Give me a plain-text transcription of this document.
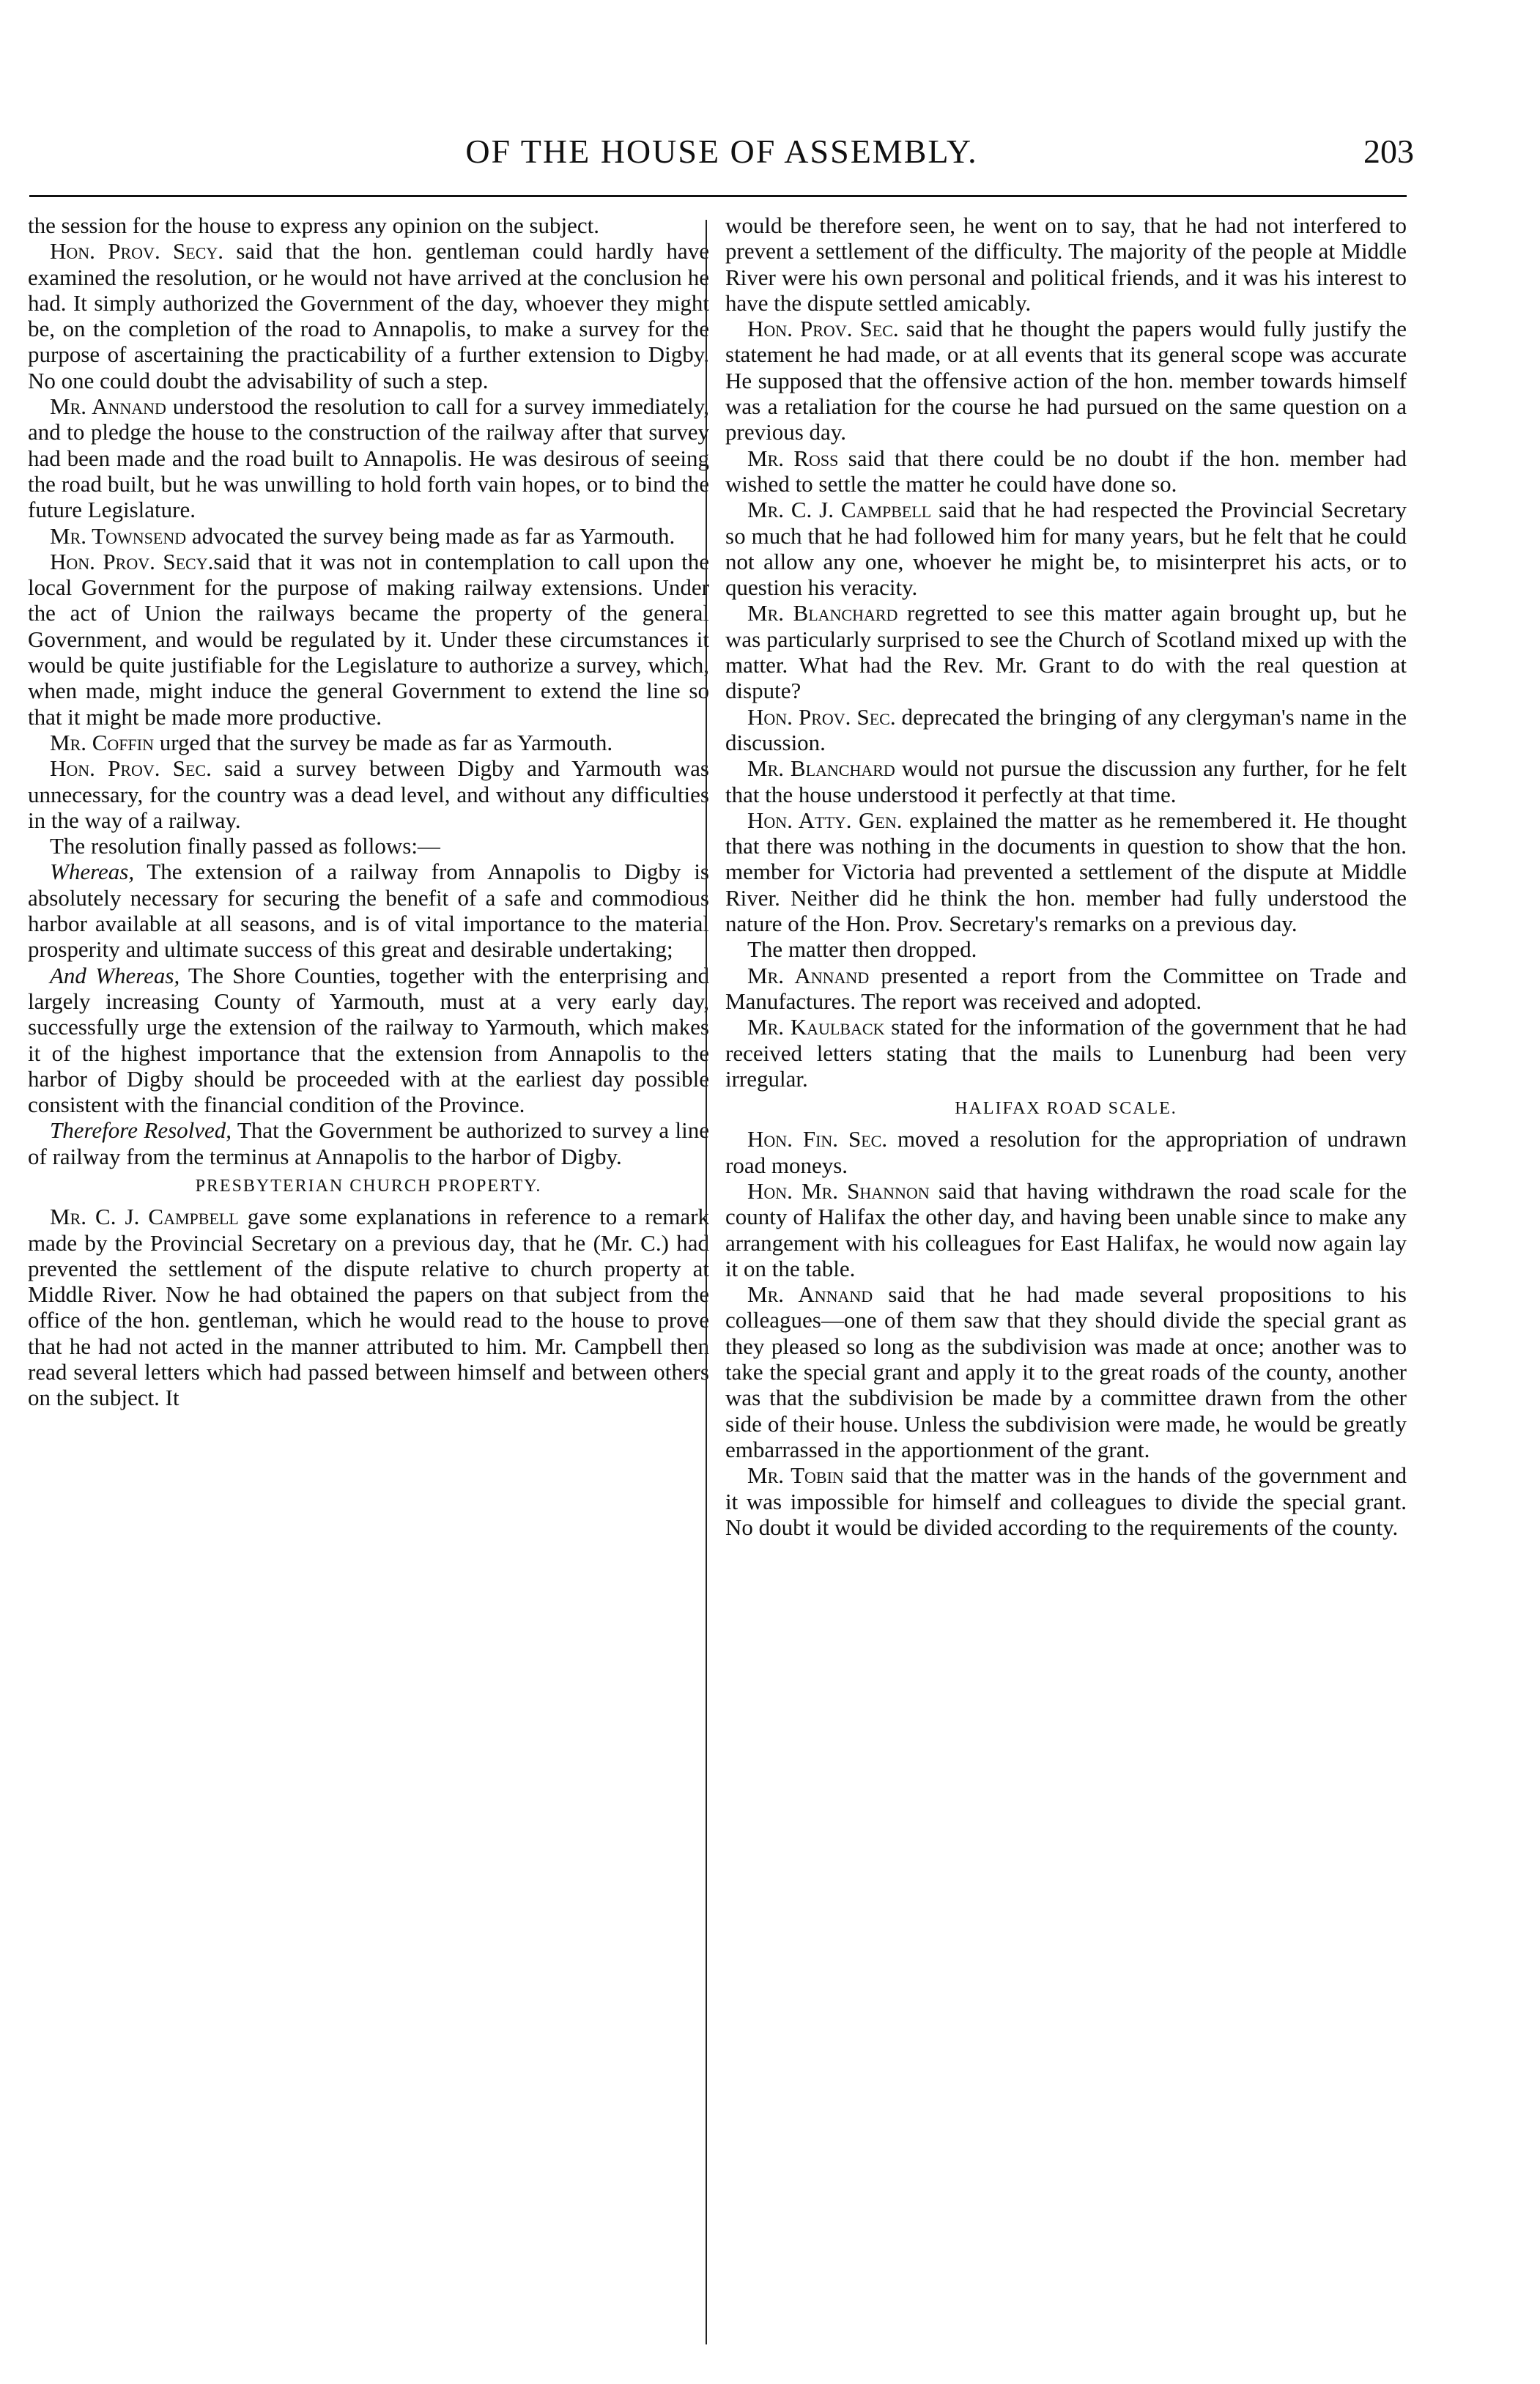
OF THE HOUSE OF ASSEMBLY.	203

the session for the house to express any opinion on the subject.

Hon. Prov. Secy. said that the hon. gentleman could hardly have examined the resolution, or he would not have arrived at the conclusion he had. It simply authorized the Government of the day, whoever they might be, on the completion of the road to Annapolis, to make a survey for the purpose of ascertaining the practicability of a further extension to Digby. No one could doubt the advisability of such a step.

Mr. Annand understood the resolution to call for a survey immediately, and to pledge the house to the construction of the railway after that survey had been made and the road built to Annapolis. He was desirous of seeing the road built, but he was unwilling to hold forth vain hopes, or to bind the future Legislature.

Mr. Townsend advocated the survey being made as far as Yarmouth.

Hon. Prov. Secy.said that it was not in contemplation to call upon the local Government for the purpose of making railway extensions. Under the act of Union the railways became the property of the general Government, and would be regulated by it. Under these circumstances it would be quite justifiable for the Legislature to authorize a survey, which, when made, might induce the general Government to extend the line so that it might be made more productive.

Mr. Coffin urged that the survey be made as far as Yarmouth.

Hon. Prov. Sec. said a survey between Digby and Yarmouth was unnecessary, for the country was a dead level, and without any difficulties in the way of a railway.

The resolution finally passed as follows:—

Whereas, The extension of a railway from Annapolis to Digby is absolutely necessary for securing the benefit of a safe and commodious harbor available at all seasons, and is of vital importance to the material prosperity and ultimate success of this great and desirable undertaking;

And Whereas, The Shore Counties, together with the enterprising and largely increasing County of Yarmouth, must at a very early day, successfully urge the extension of the railway to Yarmouth, which makes it of the highest importance that the extension from Annapolis to the harbor of Digby should be proceeded with at the earliest day possible consistent with the financial condition of the Province.

Therefore Resolved, That the Government be authorized to survey a line of railway from the terminus at Annapolis to the harbor of Digby.

PRESBYTERIAN CHURCH PROPERTY.

Mr. C. J. Campbell gave some explanations in reference to a remark made by the Provincial Secretary on a previous day, that he (Mr. C.) had prevented the settlement of the dispute relative to church property at Middle River. Now he had obtained the papers on that subject from the office of the hon. gentleman, which he would read to the house to prove that he had not acted in the manner attributed to him. Mr. Campbell then read several letters which had passed between himself and between others on the subject. It

would be therefore seen, he went on to say, that he had not interfered to prevent a settlement of the difficulty. The majority of the people at Middle River were his own personal and political friends, and it was his interest to have the dispute settled amicably.

Hon. Prov. Sec. said that he thought the papers would fully justify the statement he had made, or at all events that its general scope was accurate He supposed that the offensive action of the hon. member towards himself was a retaliation for the course he had pursued on the same question on a previous day.

Mr. Ross said that there could be no doubt if the hon. member had wished to settle the matter he could have done so.

Mr. C. J. Campbell said that he had respected the Provincial Secretary so much that he had followed him for many years, but he felt that he could not allow any one, whoever he might be, to misinterpret his acts, or to question his veracity.

Mr. Blanchard regretted to see this matter again brought up, but he was particularly surprised to see the Church of Scotland mixed up with the matter. What had the Rev. Mr. Grant to do with the real question at dispute?

Hon. Prov. Sec. deprecated the bringing of any clergyman's name in the discussion.

Mr. Blanchard would not pursue the discussion any further, for he felt that the house understood it perfectly at that time.

Hon. Atty. Gen. explained the matter as he remembered it. He thought that there was nothing in the documents in question to show that the hon. member for Victoria had prevented a settlement of the dispute at Middle River. Neither did he think the hon. member had fully understood the nature of the Hon. Prov. Secretary's remarks on a previous day.

The matter then dropped.

Mr. Annand presented a report from the Committee on Trade and Manufactures. The report was received and adopted.

Mr. Kaulback stated for the information of the government that he had received letters stating that the mails to Lunenburg had been very irregular.

HALIFAX ROAD SCALE.

Hon. Fin. Sec. moved a resolution for the appropriation of undrawn road moneys.

Hon. Mr. Shannon said that having withdrawn the road scale for the county of Halifax the other day, and having been unable since to make any arrangement with his colleagues for East Halifax, he would now again lay it on the table.

Mr. Annand said that he had made several propositions to his colleagues—one of them saw that they should divide the special grant as they pleased so long as the subdivision was made at once; another was to take the special grant and apply it to the great roads of the county, another was that the subdivision be made by a committee drawn from the other side of their house. Unless the subdivision were made, he would be greatly embarrassed in the apportionment of the grant.

Mr. Tobin said that the matter was in the hands of the government and it was impossible for himself and colleagues to divide the special grant. No doubt it would be divided according to the requirements of the county.
